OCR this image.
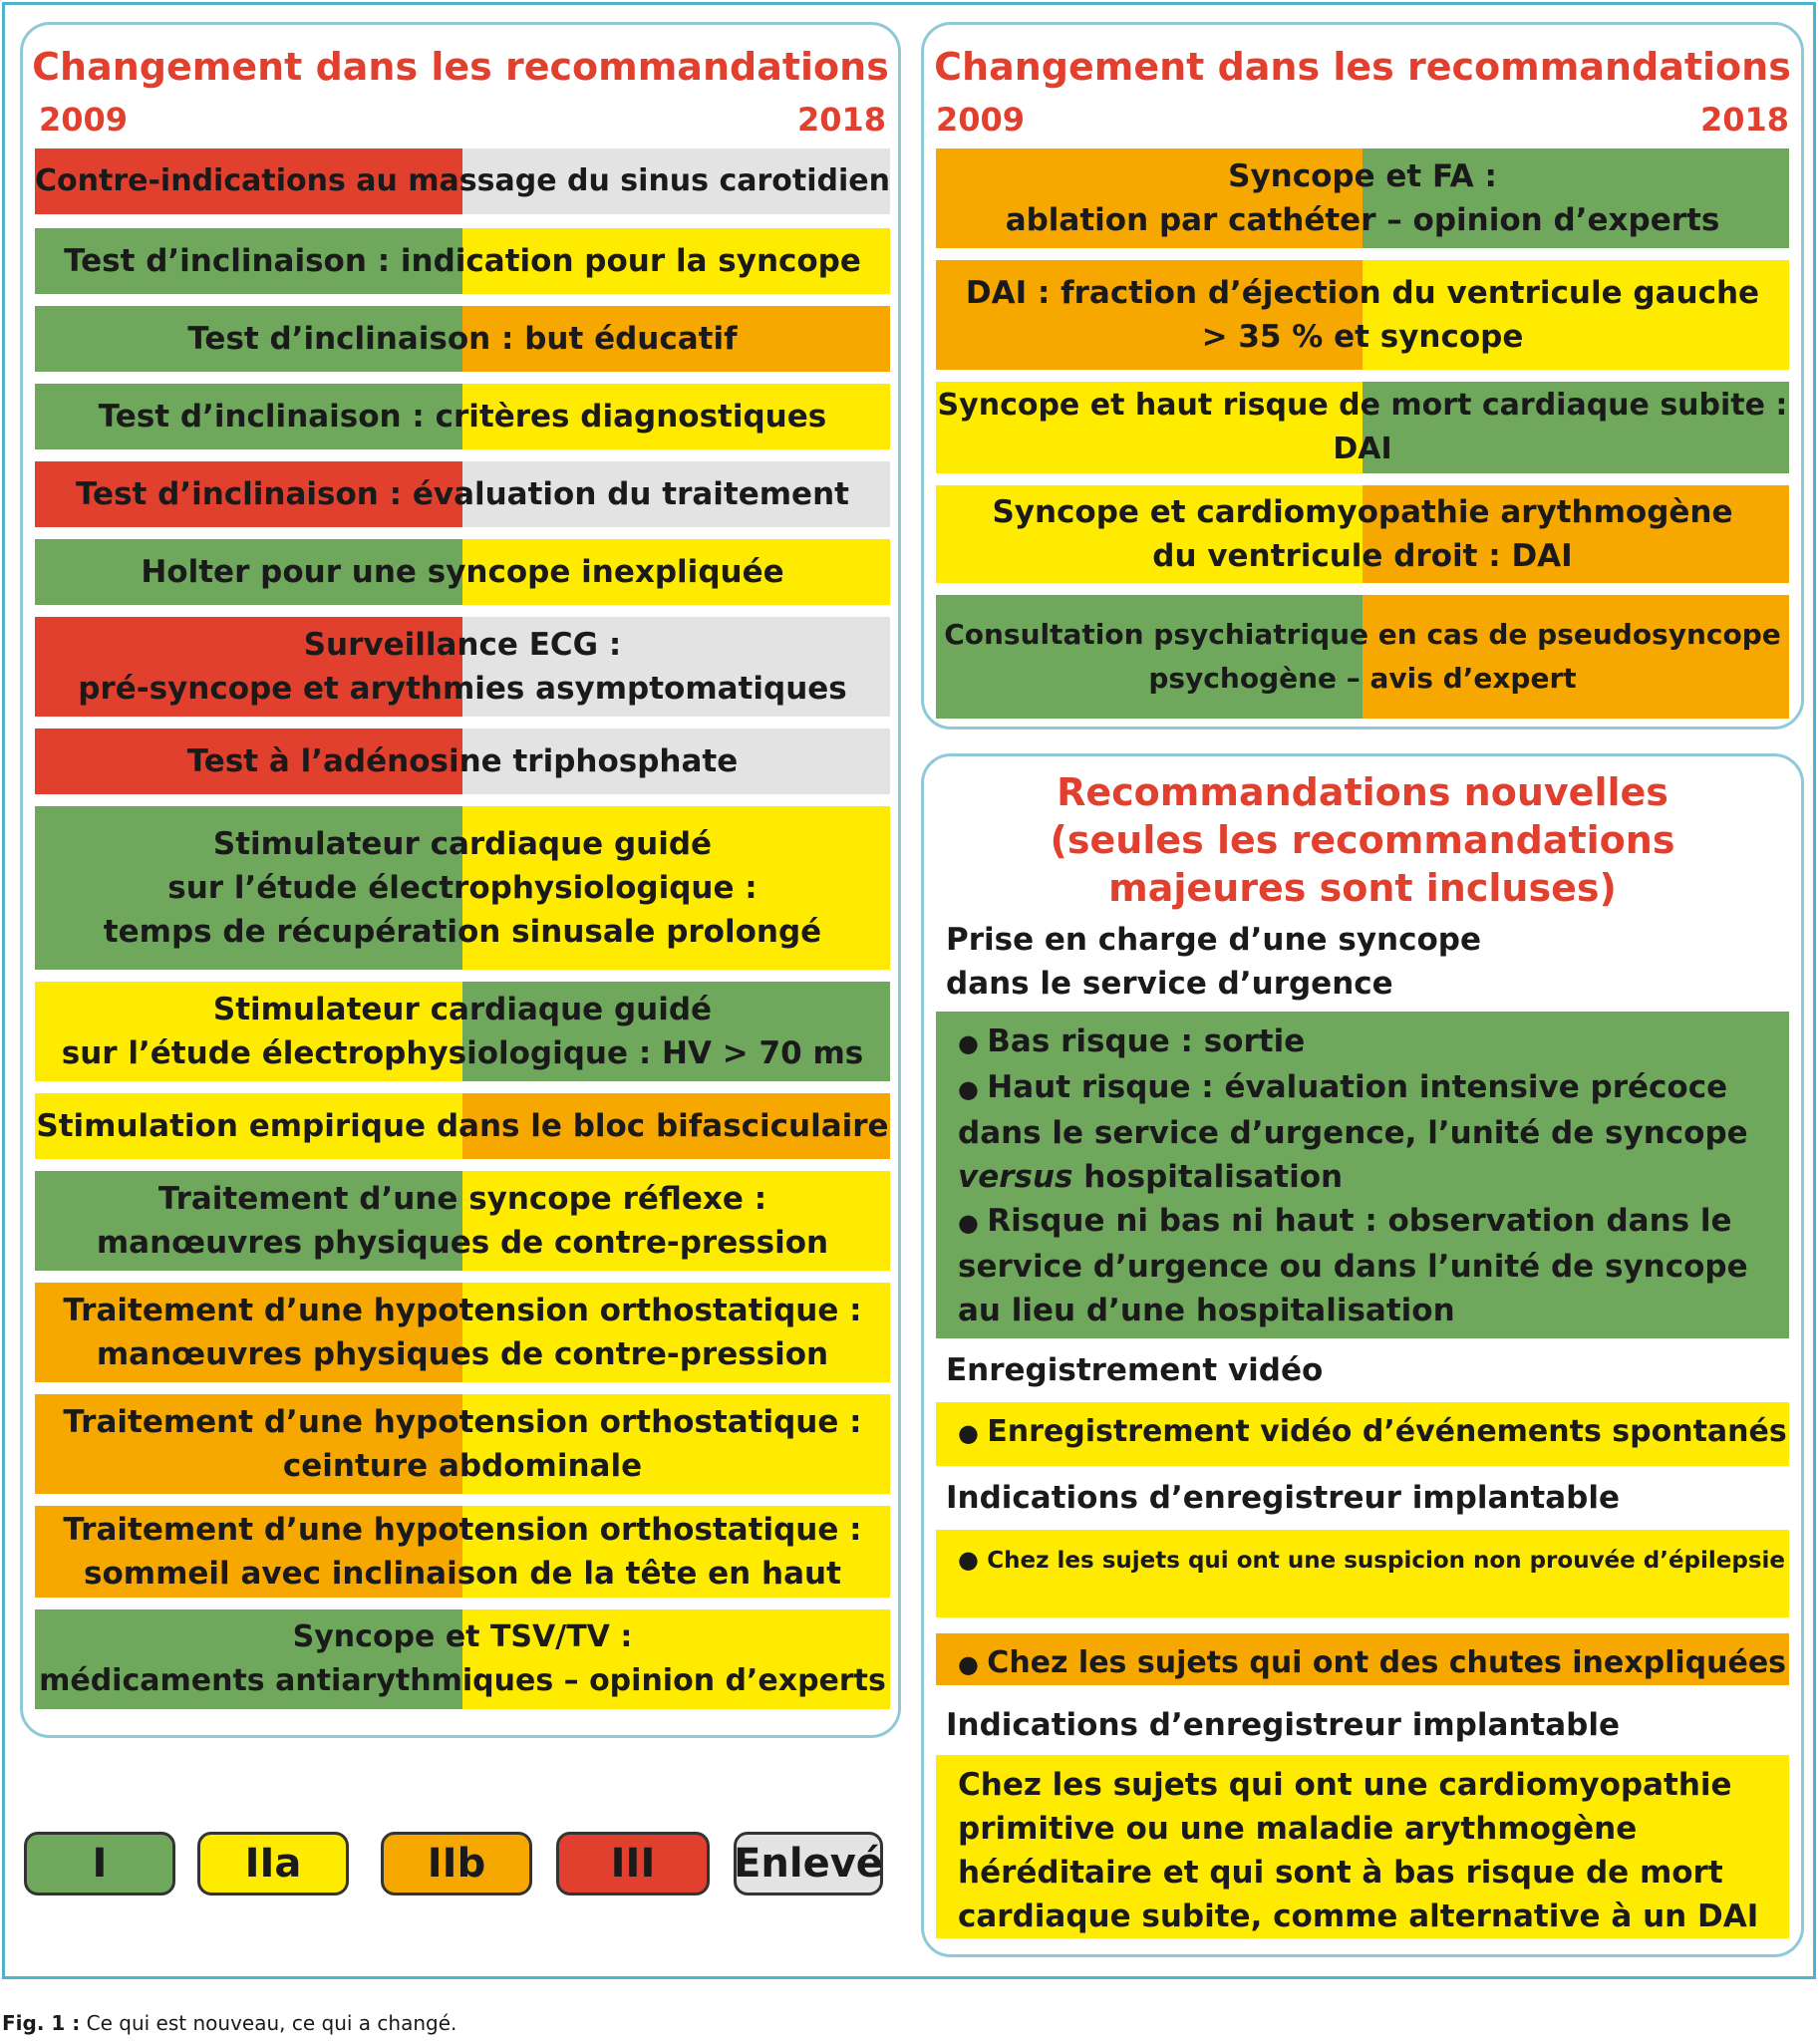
Changement dans les recommandations
2009	2018
Contre-indications au massage du sinus carotidien
Test d’inclinaison : indication pour la syncope
Test d’inclinaison : but éducatif
Test d’inclinaison : critères diagnostiques
Test d’inclinaison : évaluation du traitement
Holter pour une syncope inexpliquée
Surveillance ECG :
pré-syncope et arythmies asymptomatiques
Test à l’adénosine triphosphate
Stimulateur cardiaque guidé
sur l’étude électrophysiologique :
temps de récupération sinusale prolongé
Stimulateur cardiaque guidé
sur l’étude électrophysiologique : HV > 70 ms
Stimulation empirique dans le bloc bifasciculaire
Traitement d’une syncope réflexe :
manœuvres physiques de contre-pression
Traitement d’une hypotension orthostatique :
manœuvres physiques de contre-pression
Traitement d’une hypotension orthostatique :
ceinture abdominale
Traitement d’une hypotension orthostatique :
sommeil avec inclinaison de la tête en haut
Syncope et TSV/TV :
médicaments antiarythmiques – opinion d’experts
Changement dans les recommandations
2009	2018
Syncope et FA :
ablation par cathéter – opinion d’experts
DAI : fraction d’éjection du ventricule gauche
> 35 % et syncope
Syncope et haut risque de mort cardiaque subite :
DAI
Syncope et cardiomyopathie arythmogène
du ventricule droit : DAI
Consultation psychiatrique en cas de pseudosyncope
psychogène – avis d’expert
Recommandations nouvelles
(seules les recommandations
majeures sont incluses)
Prise en charge d’une syncope
dans le service d’urgence
● Bas risque : sortie
● Haut risque : évaluation intensive précoce dans le service d’urgence, l’unité de syncope versus hospitalisation
● Risque ni bas ni haut : observation dans le service d’urgence ou dans l’unité de syncope au lieu d’une hospitalisation
Enregistrement vidéo
● Enregistrement vidéo d’événements spontanés
Indications d’enregistreur implantable
● Chez les sujets qui ont une suspicion non prouvée d’épilepsie
● Chez les sujets qui ont des chutes inexpliquées
Indications d’enregistreur implantable
Chez les sujets qui ont une cardiomyopathie primitive ou une maladie arythmogène héréditaire et qui sont à bas risque de mort cardiaque subite, comme alternative à un DAI
I	IIa	IIb	III	Enlevé
Fig. 1 : Ce qui est nouveau, ce qui a changé.
